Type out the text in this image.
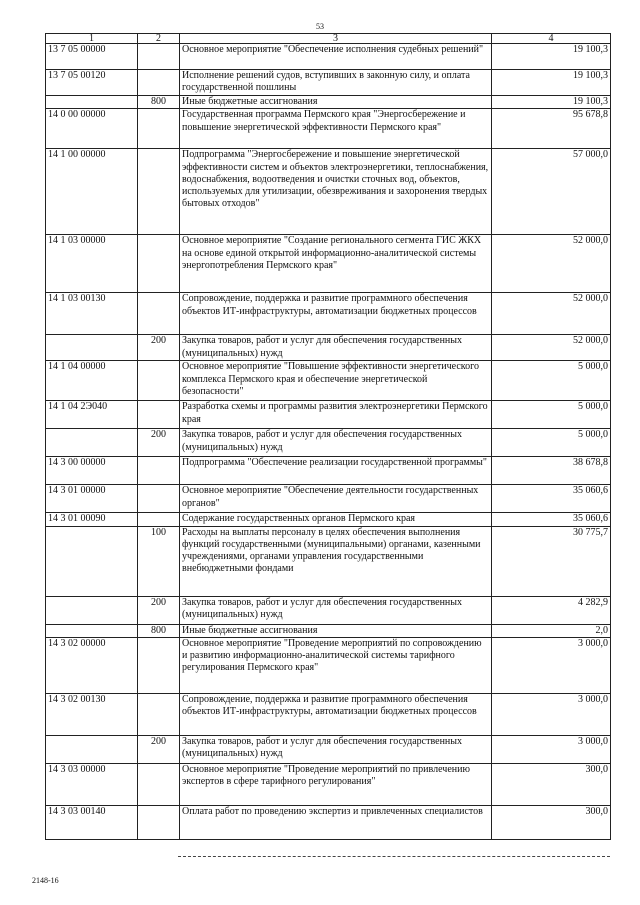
53
1	2	3	4
13 7 05 00000		Основное мероприятие "Обеспечение исполнения судебных решений"	19 100,3
13 7 05 00120		Исполнение решений судов, вступивших в законную силу, и оплата государственной пошлины	19 100,3
	800	Иные бюджетные ассигнования	19 100,3
14 0 00 00000		Государственная программа Пермского края "Энергосбережение и повышение энергетической эффективности Пермского края"	95 678,8
14 1 00 00000		Подпрограмма "Энергосбережение и повышение энергетической эффективности систем и объектов электроэнергетики, теплоснабжения, водоснабжения, водоотведения и очистки сточных вод, объектов, используемых для утилизации, обезвреживания и захоронения твердых бытовых отходов"	57 000,0
14 1 03 00000		Основное мероприятие "Создание регионального сегмента ГИС ЖКХ на основе единой открытой информационно-аналитической системы энергопотребления Пермского края"	52 000,0
14 1 03 00130		Сопровождение, поддержка и развитие программного обеспечения объектов ИТ-инфраструктуры, автоматизации бюджетных процессов	52 000,0
	200	Закупка товаров, работ и услуг для обеспечения государственных (муниципальных) нужд	52 000,0
14 1 04 00000		Основное мероприятие "Повышение эффективности энергетического комплекса Пермского края и обеспечение энергетической безопасности"	5 000,0
14 1 04 2Э040		Разработка схемы и программы развития электроэнергетики Пермского края	5 000,0
	200	Закупка товаров, работ и услуг для обеспечения государственных (муниципальных) нужд	5 000,0
14 3 00 00000		Подпрограмма "Обеспечение реализации государственной программы"	38 678,8
14 3 01 00000		Основное мероприятие "Обеспечение деятельности государственных органов"	35 060,6
14 3 01 00090		Содержание государственных органов Пермского края	35 060,6
	100	Расходы на выплаты персоналу в целях обеспечения выполнения функций государственными (муниципальными) органами, казенными учреждениями, органами управления государственными внебюджетными фондами	30 775,7
	200	Закупка товаров, работ и услуг для обеспечения государственных (муниципальных) нужд	4 282,9
	800	Иные бюджетные ассигнования	2,0
14 3 02 00000		Основное мероприятие "Проведение мероприятий по сопровождению и развитию информационно-аналитической системы тарифного регулирования Пермского края"	3 000,0
14 3 02 00130		Сопровождение, поддержка и развитие программного обеспечения объектов ИТ-инфраструктуры, автоматизации бюджетных процессов	3 000,0
	200	Закупка товаров, работ и услуг для обеспечения государственных (муниципальных) нужд	3 000,0
14 3 03 00000		Основное мероприятие "Проведение мероприятий по привлечению экспертов в сфере тарифного регулирования"	300,0
14 3 03 00140		Оплата работ по проведению экспертиз и привлеченных специалистов	300,0
2148-16
